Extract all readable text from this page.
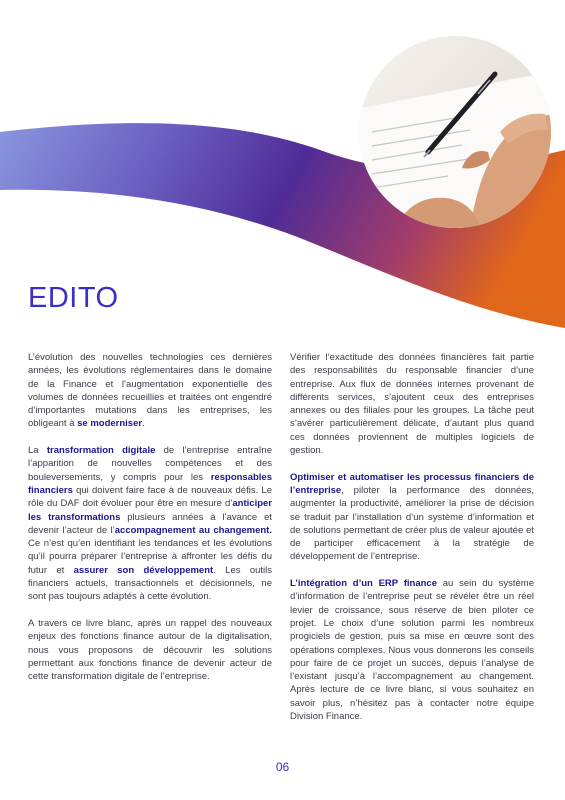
EDITO

L’évolution des nouvelles technologies ces dernières années, les évolutions réglementaires dans le domaine de la Finance et l’augmentation exponentielle des volumes de données recueillies et traitées ont engendré d’importantes mutations dans les entreprises, les obligeant à se moderniser.

La transformation digitale de l’entreprise entraîne l’apparition de nouvelles compétences et des bouleversements, y compris pour les responsables financiers qui doivent faire face à de nouveaux défis. Le rôle du DAF doit évoluer pour être en mesure d’anticiper les transformations plusieurs années à l’avance et devenir l’acteur de l’accompagnement au changement. Ce n’est qu’en identifiant les tendances et les évolutions qu’il pourra préparer l’entreprise à affronter les défis du futur et assurer son développement. Les outils financiers actuels, transactionnels et décisionnels, ne sont pas toujours adaptés à cette évolution.

A travers ce livre blanc, après un rappel des nouveaux enjeux des fonctions finance autour de la digitalisation, nous vous proposons de découvrir les solutions permettant aux fonctions finance de devenir acteur de cette transformation digitale de l’entreprise.

Vérifier l’exactitude des données financières fait partie des responsabilités du responsable financier d’une entreprise. Aux flux de données internes provenant de différents services, s’ajoutent ceux des entreprises annexes ou des filiales pour les groupes. La tâche peut s’avérer particulièrement délicate, d’autant plus quand ces données proviennent de multiples logiciels de gestion.

Optimiser et automatiser les processus financiers de l’entreprise, piloter la performance des données, augmenter la productivité, améliorer la prise de décision se traduit par l’installation d’un système d’information et de solutions permettant de créer plus de valeur ajoutée et de participer efficacement à la stratégie de développement de l’entreprise.

L’intégration d’un ERP finance au sein du système d’information de l’entreprise peut se révéler être un réel levier de croissance, sous réserve de bien piloter ce projet. Le choix d’une solution parmi les nombreux progiciels de gestion, puis sa mise en œuvre sont des opérations complexes. Nous vous donnerons les conseils pour faire de ce projet un succès, depuis l’analyse de l’existant jusqu’à l’accompagnement au changement. Après lecture de ce livre blanc, si vous souhaitez en savoir plus, n’hésitez pas à contacter notre équipe Division Finance.

06
